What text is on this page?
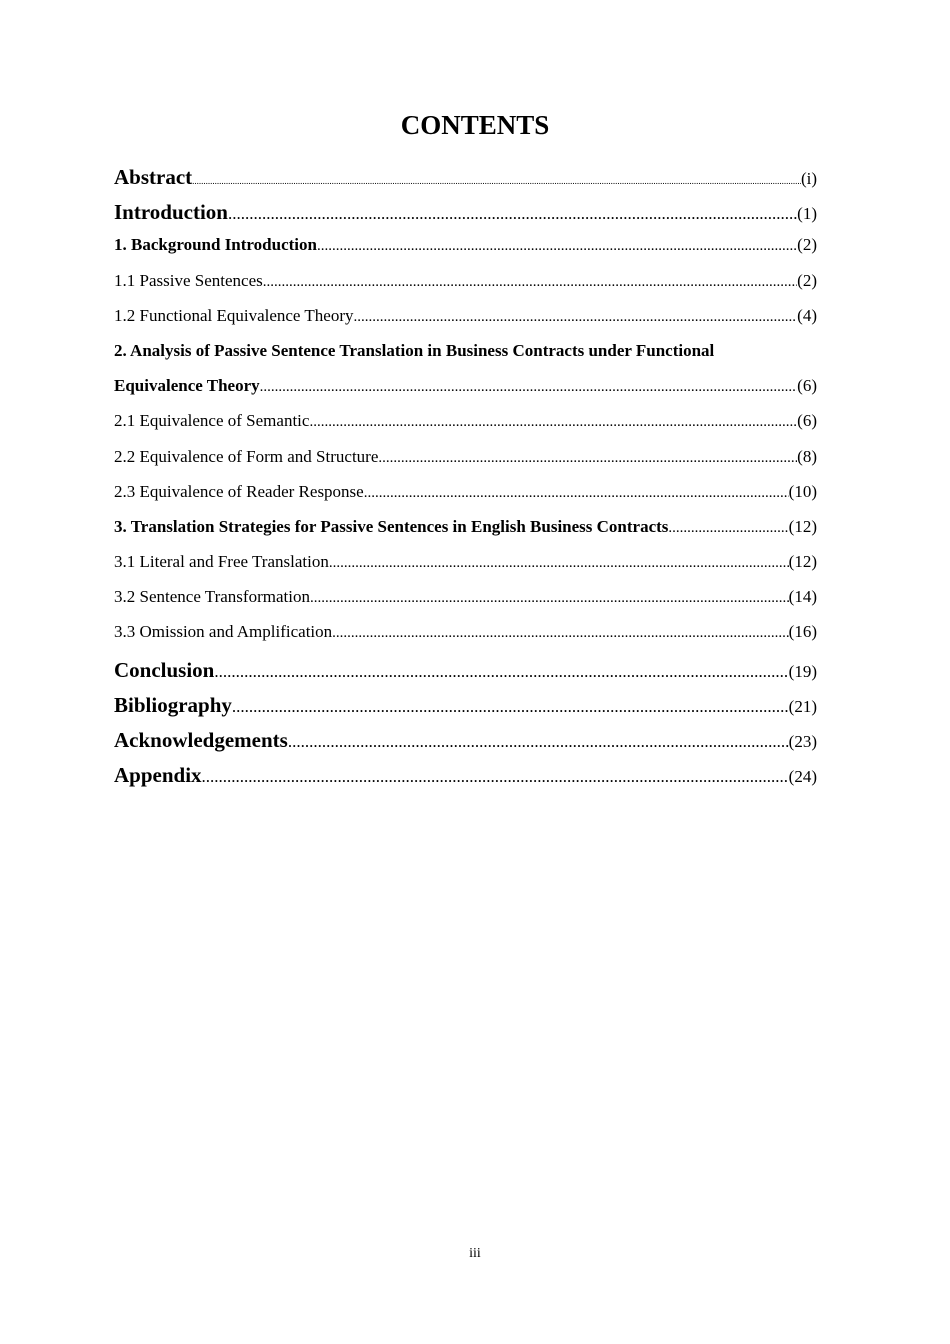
CONTENTS
Abstract .....	(i)
Introduction .....	(1)
1. Background Introduction .....	(2)
1.1 Passive Sentences .....	(2)
1.2 Functional Equivalence Theory .....	(4)
2. Analysis of Passive Sentence Translation in Business Contracts under Functional
Equivalence Theory .....	(6)
2.1 Equivalence of Semantic .....	(6)
2.2 Equivalence of Form and Structure .....	(8)
2.3 Equivalence of Reader Response .....	(10)
3. Translation Strategies for Passive Sentences in English Business Contracts .....	(12)
3.1 Literal and Free Translation .....	(12)
3.2 Sentence Transformation .....	(14)
3.3 Omission and Amplification .....	(16)
Conclusion .....	(19)
Bibliography .....	(21)
Acknowledgements .....	(23)
Appendix .....	(24)
iii
